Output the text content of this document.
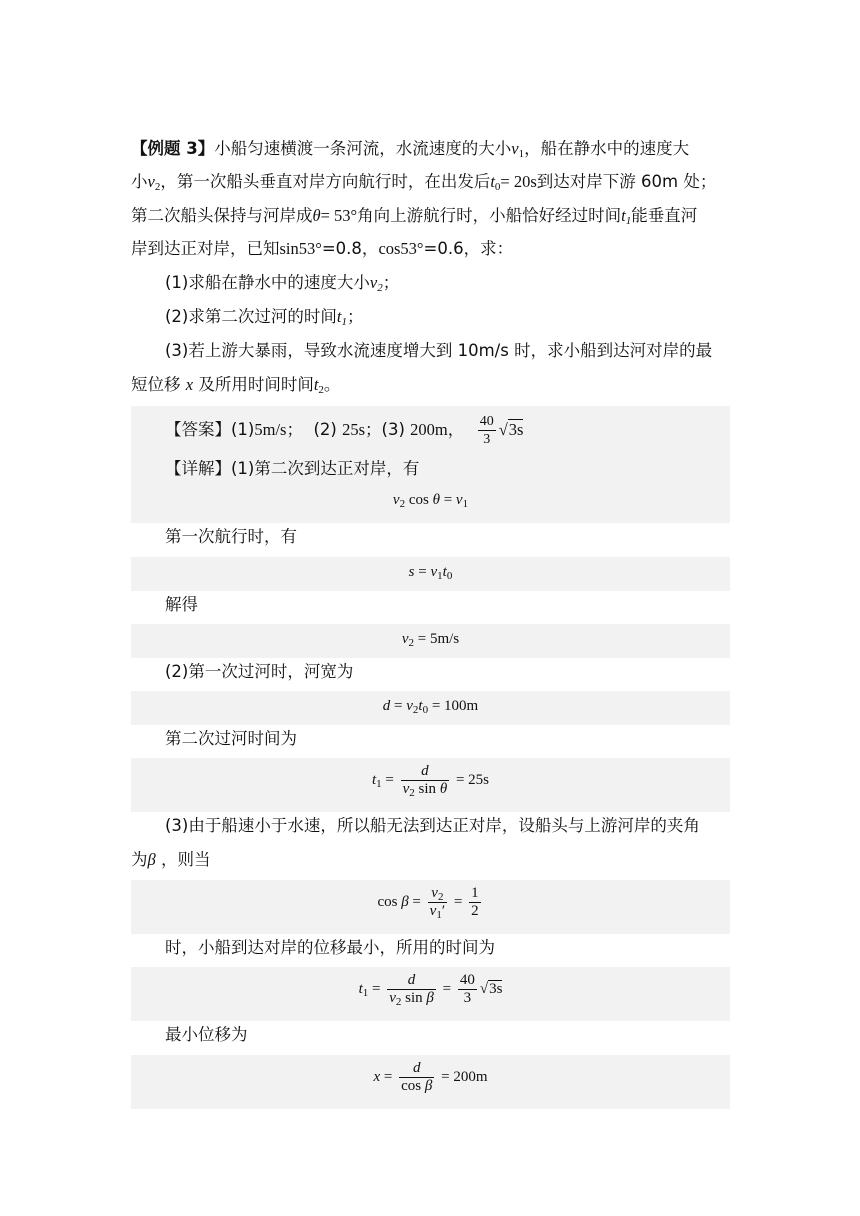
【例题 3】小船匀速横渡一条河流，水流速度的大小$v_1$，船在静水中的速度大
小$v_2$，第一次船头垂直对岸方向航行时，在出发后$t_0= 20s$到达对岸下游 60m 处；
第二次船头保持与河岸成θ= 53°角向上游航行时，小船恰好经过时间$t_1$能垂直河
岸到达正对岸，已知sin53°=0.8，cos53°=0.6，求：
(1)求船在静水中的速度大小$v_2$；
(2)求第二次过河的时间$t_1$；
(3)若上游大暴雨，导致水流速度增大到 10m/s 时，求小船到达河对岸的最
短位移 x 及所用时间时间$t_2$。
【答案】(1)5m/s； (2) 25s；(3) 200m， $\frac{40}{3} √3s$
【详解】(1)第二次到达正对岸，有
$v_2$ $\cos \theta = v_1$
第一次航行时，有
$s = v_1t_0$
解得
$v_2 = 5m/s$
(2)第一次过河时，河宽为
$d = v_2t_0 = 100m$
第二次过河时间为
$t_1 = \frac{d}{v_2 \sin \theta} = 25s$
(3)由于船速小于水速，所以船无法到达正对岸，设船头与上游河岸的夹角
为β ，则当
$\cos \beta = \frac{v_2}{v_1'} = \frac{1}{2}$
时，小船到达对岸的位移最小，所用的时间为
$t_1 = \frac{d}{v_2 \sin \beta} = \frac{40}{3} √3s$
最小位移为
$x = \frac{d}{\text{cos β}} = 200m$
